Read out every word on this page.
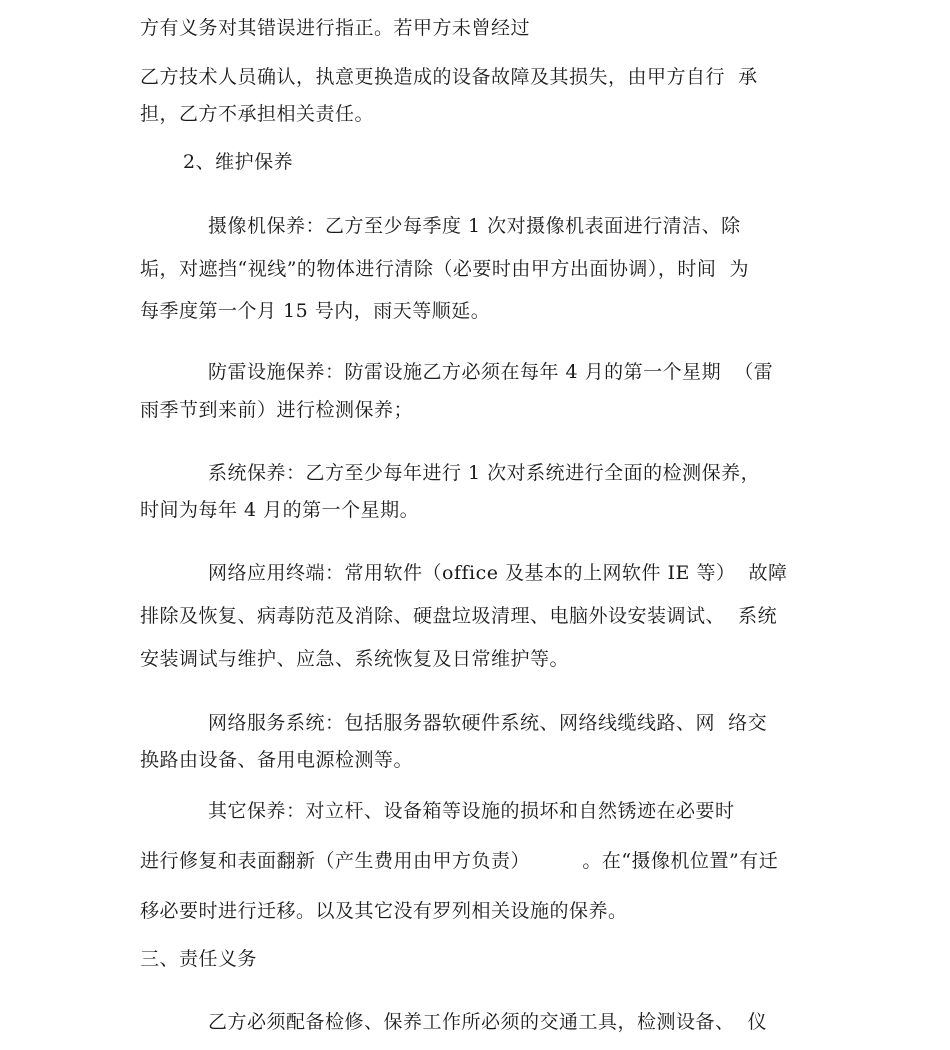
方有义务对其错误进行指正。若甲方未曾经过
乙方技术人员确认，执意更换造成的设备故障及其损失，由甲方自行  承
担，乙方不承担相关责任。
2、维护保养
摄像机保养：乙方至少每季度 1 次对摄像机表面进行清洁、除
垢，对遮挡“视线”的物体进行清除（必要时由甲方出面协调），时间  为
每季度第一个月 15 号内，雨天等顺延。
防雷设施保养：防雷设施乙方必须在每年 4 月的第一个星期  （雷
雨季节到来前）进行检测保养；
系统保养：乙方至少每年进行 1 次对系统进行全面的检测保养，
时间为每年 4 月的第一个星期。
网络应用终端：常用软件（office 及基本的上网软件 IE 等）  故障
排除及恢复、病毒防范及消除、硬盘垃圾清理、电脑外设安装调试、  系统
安装调试与维护、应急、系统恢复及日常维护等。
网络服务系统：包括服务器软硬件系统、网络线缆线路、网  络交
换路由设备、备用电源检测等。
其它保养：对立杆、设备箱等设施的损坏和自然锈迹在必要时
进行修复和表面翻新（产生费用由甲方负责）        。在“摄像机位置”有迁
移必要时进行迁移。以及其它没有罗列相关设施的保养。
三、责任义务
乙方必须配备检修、保养工作所必须的交通工具，检测设备、  仪
